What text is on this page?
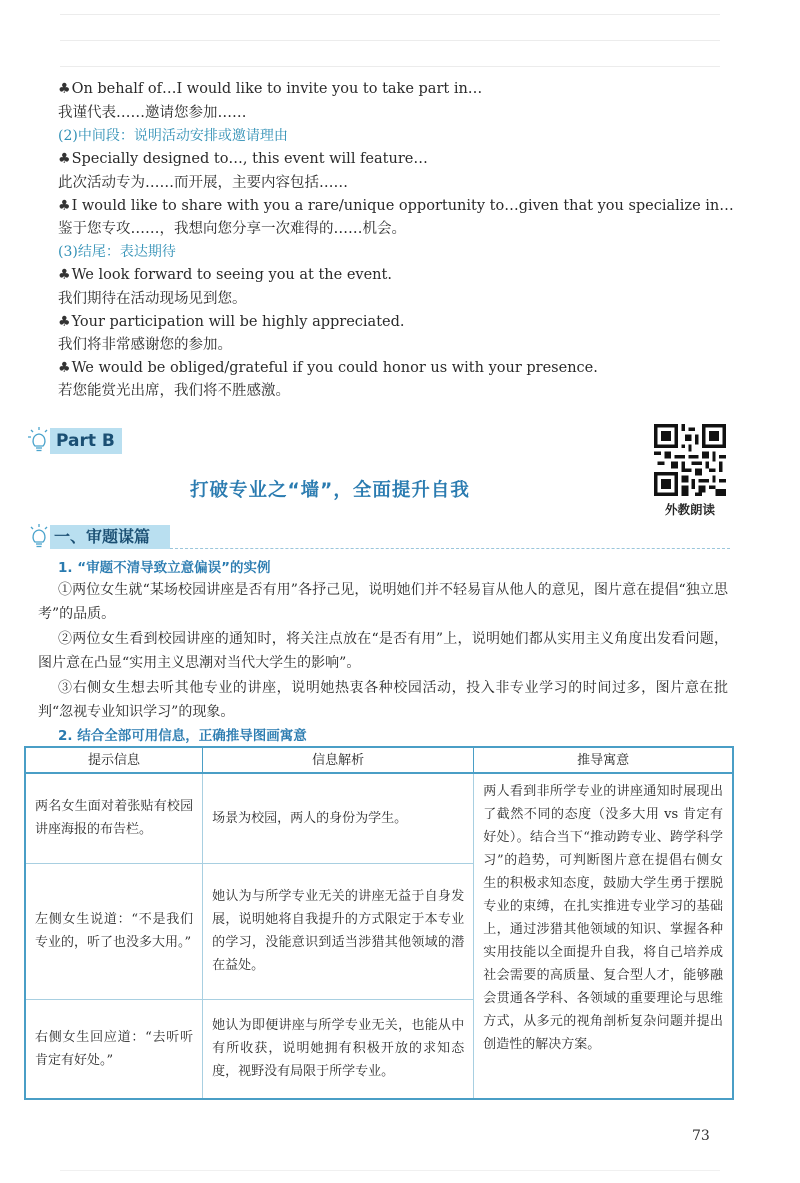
♣On behalf of…I would like to invite you to take part in…
我谨代表……邀请您参加……
(2)中间段：说明活动安排或邀请理由
♣Specially designed to…, this event will feature…
此次活动专为……而开展，主要内容包括……
♣I would like to share with you a rare/unique opportunity to…given that you specialize in…
鉴于您专攻……，我想向您分享一次难得的……机会。
(3)结尾：表达期待
♣We look forward to seeing you at the event.
我们期待在活动现场见到您。
♣Your participation will be highly appreciated.
我们将非常感谢您的参加。
♣We would be obliged/grateful if you could honor us with your presence.
若您能赏光出席，我们将不胜感激。
Part B
打破专业之“墙”，全面提升自我
外教朗读
一、审题谋篇
1. “审题不清导致立意偏误”的实例
①两位女生就“某场校园讲座是否有用”各抒己见，说明她们并不轻易盲从他人的意见，图片意在提倡“独立思考”的品质。
②两位女生看到校园讲座的通知时，将关注点放在“是否有用”上，说明她们都从实用主义角度出发看问题，图片意在凸显“实用主义思潮对当代大学生的影响”。
③右侧女生想去听其他专业的讲座，说明她热衷各种校园活动，投入非专业学习的时间过多，图片意在批判“忽视专业知识学习”的现象。
2. 结合全部可用信息，正确推导图画寓意
提示信息	信息解析	推导寓意
两名女生面对着张贴有校园讲座海报的布告栏。	场景为校园，两人的身份为学生。	两人看到非所学专业的讲座通知时展现出了截然不同的态度（没多大用 vs 肯定有好处）。结合当下“推动跨专业、跨学科学习”的趋势，可判断图片意在提倡右侧女生的积极求知态度，鼓励大学生勇于摆脱专业的束缚，在扎实推进专业学习的基础上，通过涉猎其他领域的知识、掌握各种实用技能以全面提升自我，将自己培养成社会需要的高质量、复合型人才，能够融会贯通各学科、各领域的重要理论与思维方式，从多元的视角剖析复杂问题并提出创造性的解决方案。
左侧女生说道：“不是我们专业的，听了也没多大用。”	她认为与所学专业无关的讲座无益于自身发展，说明她将自我提升的方式限定于本专业的学习，没能意识到适当涉猎其他领域的潜在益处。	
右侧女生回应道：“去听听肯定有好处。”	她认为即便讲座与所学专业无关，也能从中有所收获，说明她拥有积极开放的求知态度，视野没有局限于所学专业。	
73
